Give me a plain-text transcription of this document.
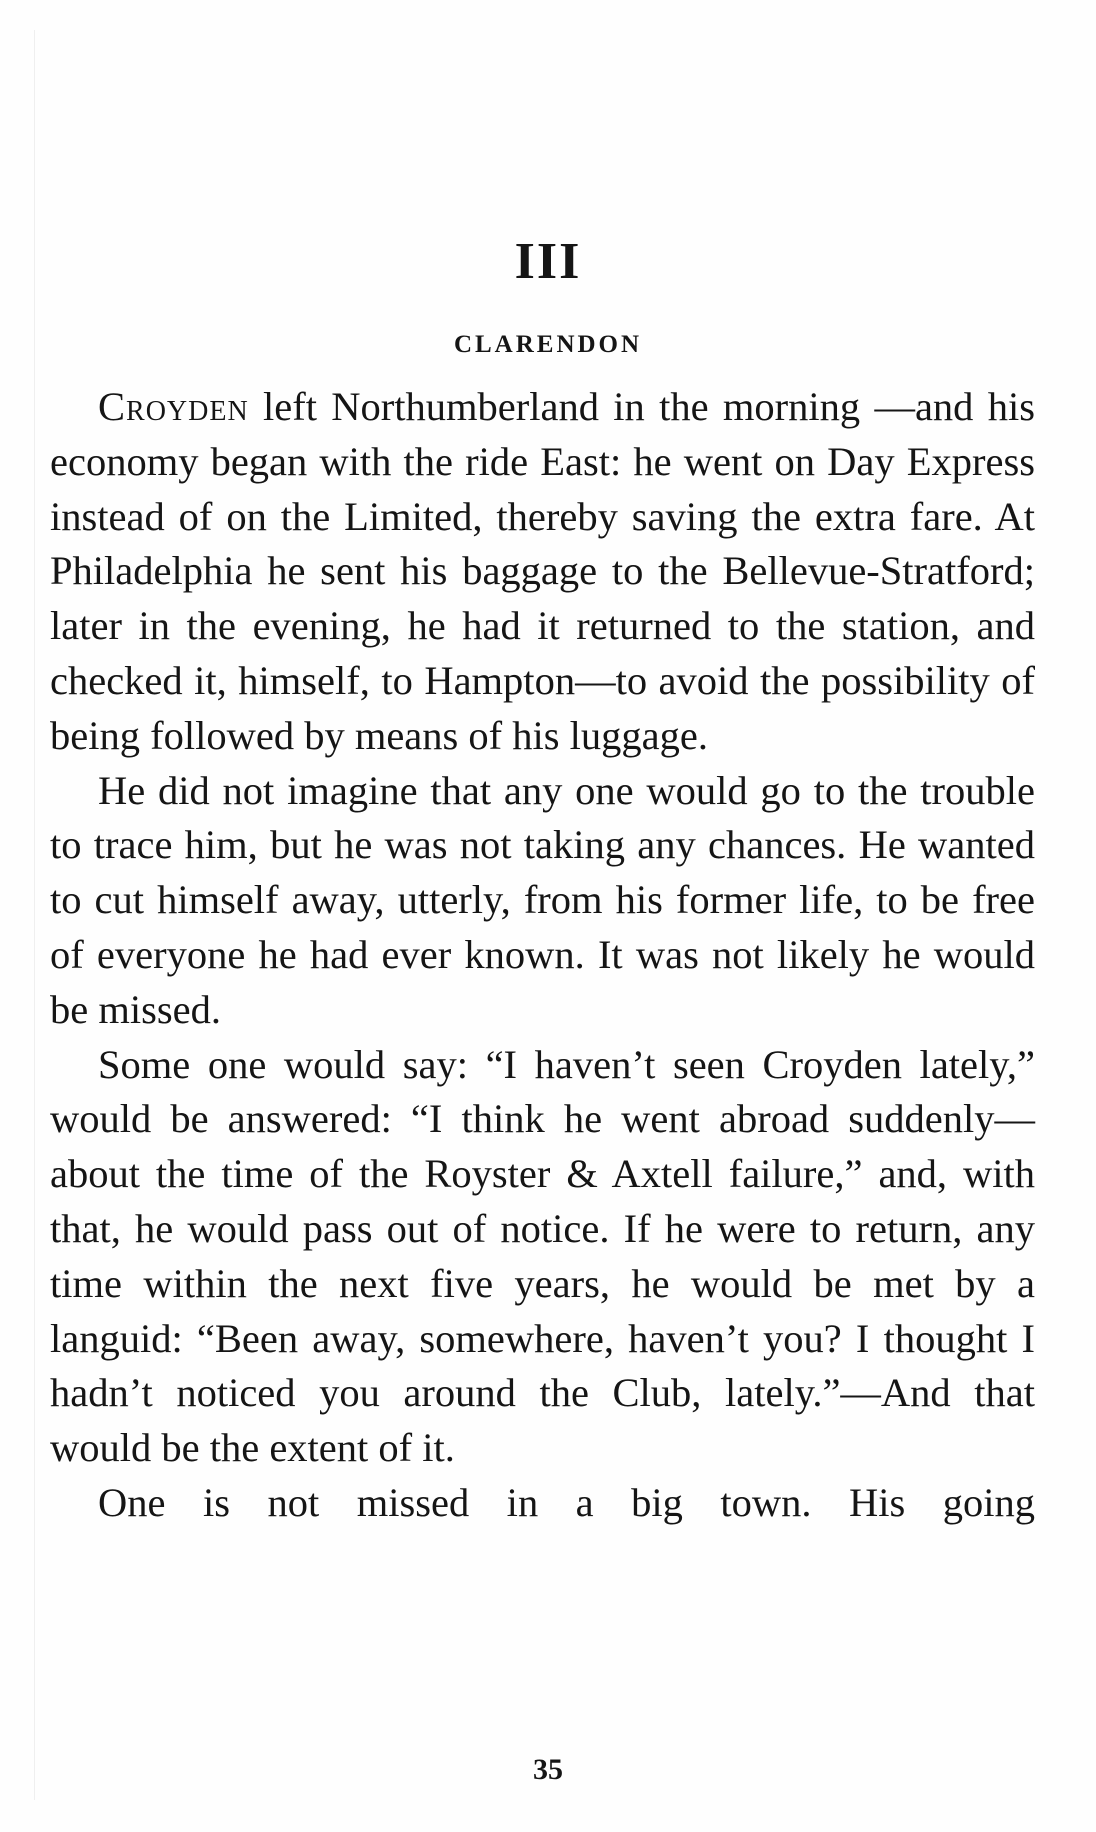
III
CLARENDON

Croyden left Northumberland in the morning —and his economy began with the ride East: he went on Day Express instead of on the Limited, thereby saving the extra fare. At Philadelphia he sent his baggage to the Bellevue-Stratford; later in the evening, he had it returned to the station, and checked it, himself, to Hampton—to avoid the possibility of being followed by means of his luggage.

He did not imagine that any one would go to the trouble to trace him, but he was not taking any chances. He wanted to cut himself away, utterly, from his former life, to be free of everyone he had ever known. It was not likely he would be missed.

Some one would say: “I haven’t seen Croyden lately,” would be answered: “I think he went abroad suddenly—about the time of the Royster & Axtell failure,” and, with that, he would pass out of notice. If he were to return, any time within the next five years, he would be met by a languid: “Been away, somewhere, haven’t you? I thought I hadn’t noticed you around the Club, lately.”—And that would be the extent of it.

One is not missed in a big town. His going

35
